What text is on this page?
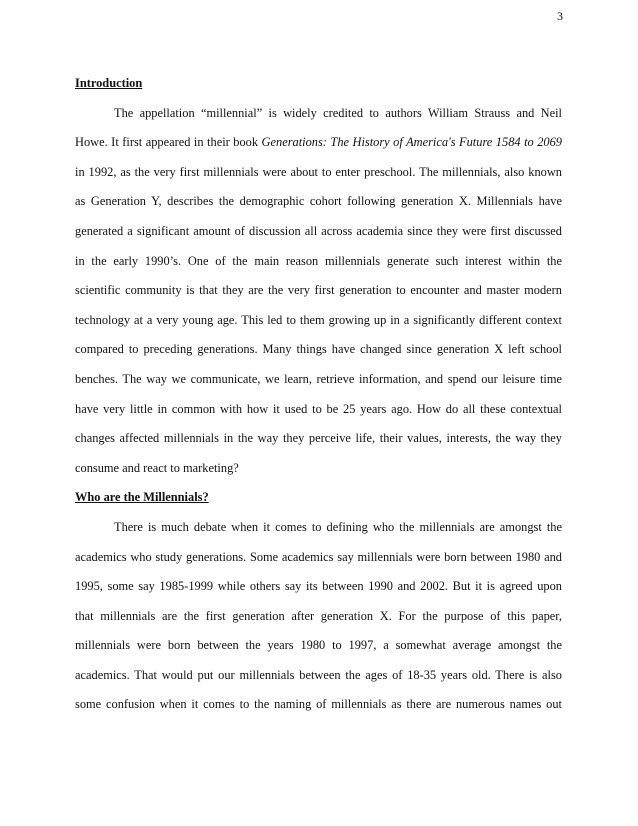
3
Introduction
The appellation “millennial” is widely credited to authors William Strauss and Neil
Howe. It first appeared in their book Generations: The History of America's Future 1584 to 2069
in 1992, as the very first millennials were about to enter preschool. The millennials, also known
as Generation Y, describes the demographic cohort following generation X. Millennials have
generated a significant amount of discussion all across academia since they were first discussed
in the early 1990’s. One of the main reason millennials generate such interest within the
scientific community is that they are the very first generation to encounter and master modern
technology at a very young age. This led to them growing up in a significantly different context
compared to preceding generations. Many things have changed since generation X left school
benches. The way we communicate, we learn, retrieve information, and spend our leisure time
have very little in common with how it used to be 25 years ago. How do all these contextual
changes affected millennials in the way they perceive life, their values, interests, the way they
consume and react to marketing?
Who are the Millennials?
There is much debate when it comes to defining who the millennials are amongst the
academics who study generations. Some academics say millennials were born between 1980 and
1995, some say 1985-1999 while others say its between 1990 and 2002. But it is agreed upon
that millennials are the first generation after generation X. For the purpose of this paper,
millennials were born between the years 1980 to 1997, a somewhat average amongst the
academics. That would put our millennials between the ages of 18-35 years old. There is also
some confusion when it comes to the naming of millennials as there are numerous names out
